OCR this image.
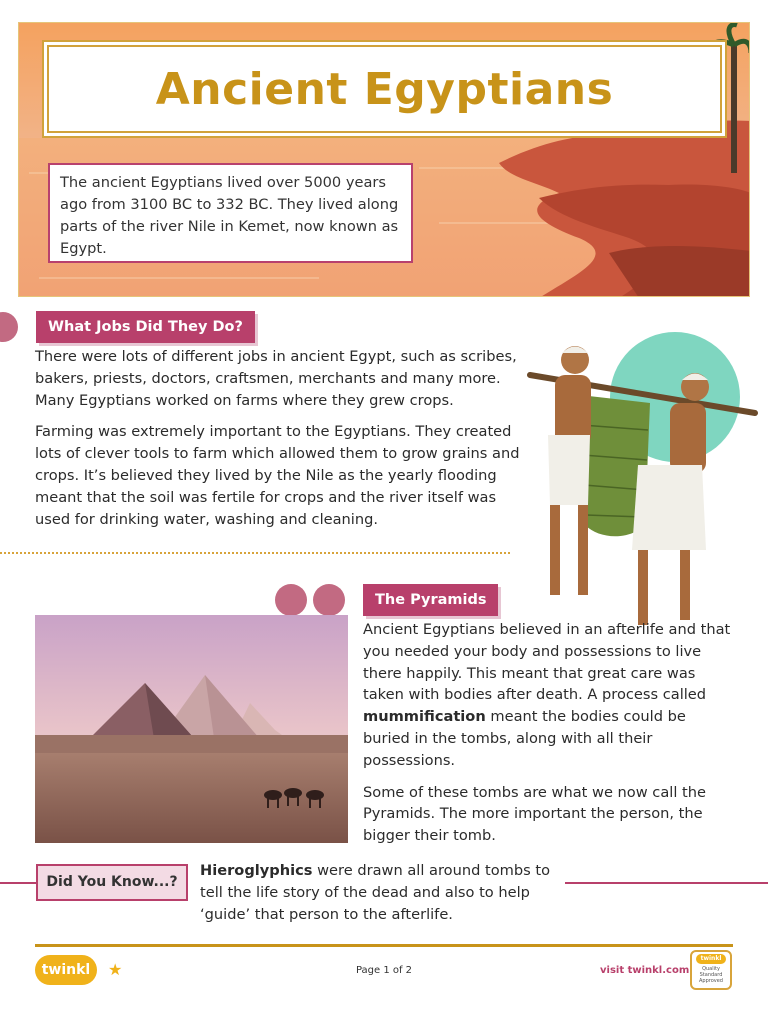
Ancient Egyptians
The ancient Egyptians lived over 5000 years ago from 3100 BC to 332 BC. They lived along parts of the river Nile in Kemet, now known as Egypt.
What Jobs Did They Do?

There were lots of different jobs in ancient Egypt, such as scribes, bakers, priests, doctors, craftsmen, merchants and many more. Many Egyptians worked on farms where they grew crops.

Farming was extremely important to the Egyptians. They created lots of clever tools to farm which allowed them to grow grains and crops. It’s believed they lived by the Nile as the yearly flooding meant that the soil was fertile for crops and the river itself was used for drinking water, washing and cleaning.

The Pyramids

Ancient Egyptians believed in an afterlife and that you needed your body and possessions to live there happily. This meant that great care was taken with bodies after death. A process called mummification meant the bodies could be buried in the tombs, along with all their possessions.

Some of these tombs are what we now call the Pyramids. The more important the person, the bigger their tomb.

Did You Know...?
Hieroglyphics were drawn all around tombs to tell the life story of the dead and also to help ‘guide’ that person to the afterlife.
twinkl	★	Page 1 of 2	visit twinkl.com
twinkl
Quality Standard Approved
